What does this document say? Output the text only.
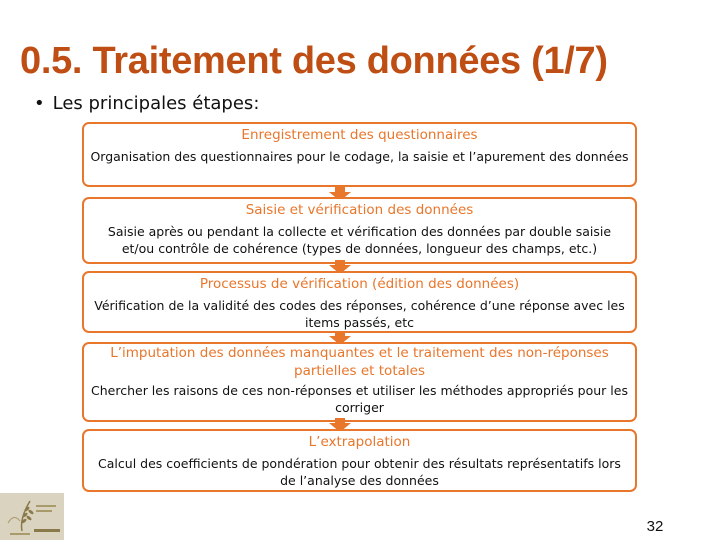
0.5. Traitement des données (1/7)
• Les principales étapes:
Enregistrement des questionnaires
Organisation des questionnaires pour le codage, la saisie et l’apurement des données
Saisie et vérification des données
Saisie après ou pendant la collecte et vérification des données par double saisie et/ou contrôle de cohérence (types de données, longueur des champs, etc.)
Processus de vérification (édition des données)
Vérification de la validité des codes des réponses, cohérence d’une réponse avec les items passés, etc
L’imputation des données manquantes et le traitement des non-réponses partielles et totales
Chercher les raisons de ces non-réponses et utiliser les méthodes appropriés pour les corriger
L’extrapolation
Calcul des coefficients de pondération pour obtenir des résultats représentatifs lors de l’analyse des données
32
